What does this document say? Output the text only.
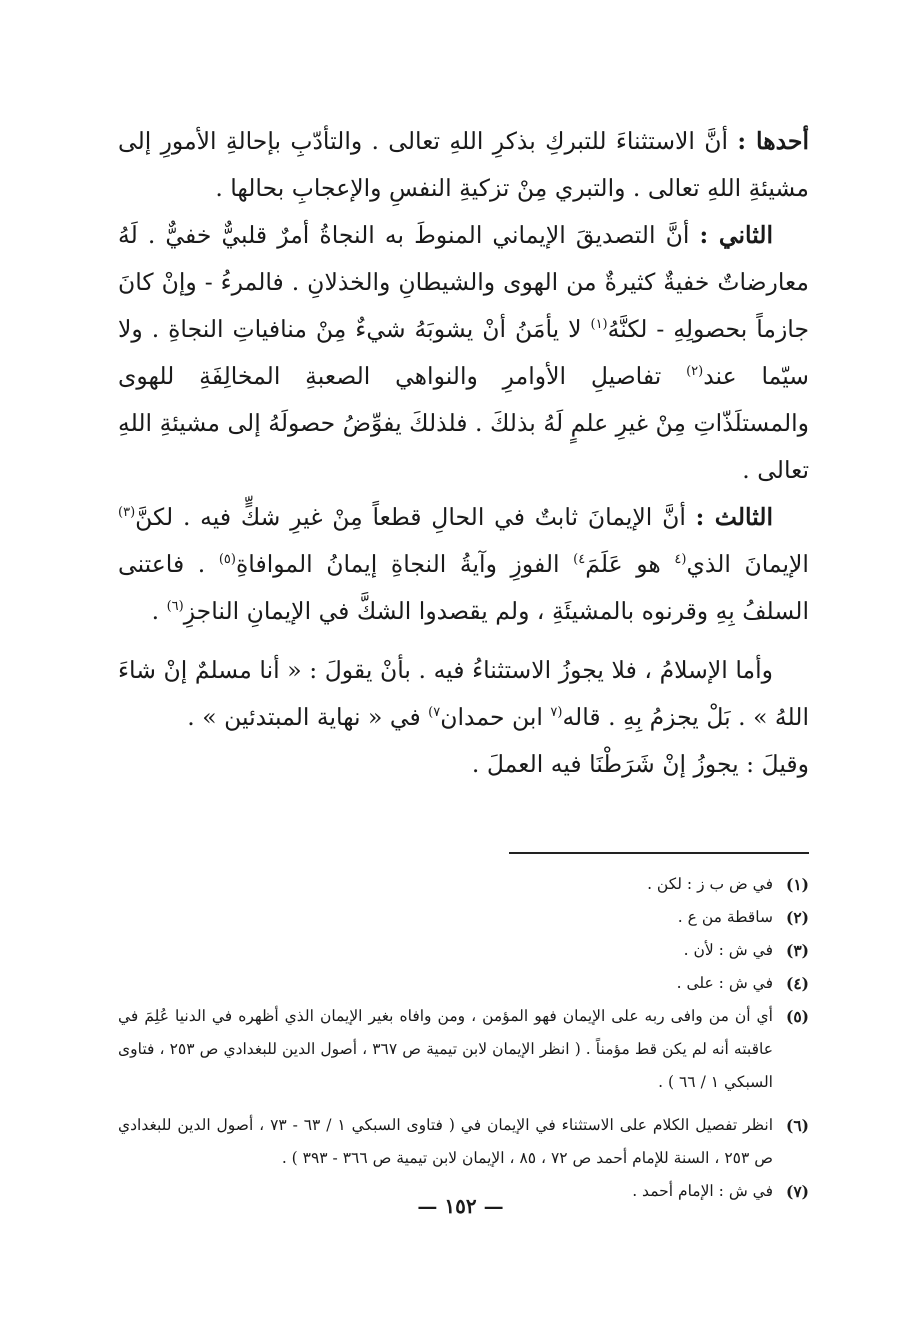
أحدها : أنَّ الاستثناءَ للتبركِ بذكرِ اللهِ تعالى . والتأدّبِ بإحالةِ الأمورِ إلى مشيئةِ اللهِ تعالى . والتبري مِنْ تزكيةِ النفسِ والإعجابِ بحالها .

الثاني : أنَّ التصديقَ الإيماني المنوطَ به النجاةُ أمرٌ قلبيٌّ خفيٌّ . لَهُ معارضاتٌ خفيةٌ كثيرةٌ من الهوى والشيطانِ والخذلانِ . فالمرءُ - وإنْ كانَ جازماً بحصولِهِ - لكنَّهُ$^{(١)}$ لا يأمَنُ أنْ يشوبَهُ شيءٌ مِنْ منافياتِ النجاةِ . ولا سيّما عند$^{(٢)}$ تفاصيلِ الأوامرِ والنواهي الصعبةِ المخالِفَةِ للهوى والمستلَذّاتِ مِنْ غيرِ علمٍ لَهُ بذلكَ . فلذلكَ يفوِّضُ حصولَهُ إلى مشيئةِ اللهِ تعالى .

الثالث : أنَّ الإيمانَ ثابتٌ في الحالِ قطعاً مِنْ غيرِ شكٍّ فيه . لكنَّ$^{(٣)}$ الإيمانَ الذي$^{(٤}$ هو عَلَمَ$^{٤)}$ الفوزِ وآيةُ النجاةِ إيمانُ الموافاةِ$^{(٥)}$ . فاعتنى السلفُ بِهِ وقرنوه بالمشيئَةِ ، ولم يقصدوا الشكَّ في الإيمانِ الناجزِ$^{(٦)}$ .

وأما الإسلامُ ، فلا يجوزُ الاستثناءُ فيه . بأنْ يقولَ : « أنا مسلمٌ إنْ شاءَ اللهُ » . بَلْ يجزمُ بِهِ . قاله$^{(٧}$ ابن حمدان$^{٧)}$ في « نهاية المبتدئين » .

وقيلَ : يجوزُ إنْ شَرَطْنَا فيه العملَ .

(١)
في ض ب ز : لكن .
(٢)
ساقطة من ع .
(٣)
في ش : لأن .
(٤)
في ش : على .
(٥)
أي أن من وافى ربه على الإيمان فهو المؤمن ، ومن وافاه بغير الإيمان الذي أظهره في الدنيا عُلِمَ في عاقبته أنه لم يكن قط مؤمناً . ( انظر الإيمان لابن تيمية ص ٣٦٧ ، أصول الدين للبغدادي ص ٢٥٣ ، فتاوى السبكي ١ / ٦٦ ) .
(٦)
انظر تفصيل الكلام على الاستثناء في الإيمان في ( فتاوى السبكي ١ / ٦٣ - ٧٣ ، أصول الدين للبغدادي ص ٢٥٣ ، السنة للإمام أحمد ص ٧٢ ، ٨٥ ، الإيمان لابن تيمية ص ٣٦٦ - ٣٩٣ ) .
(٧)
في ش : الإمام أحمد .
— ١٥٢ —
